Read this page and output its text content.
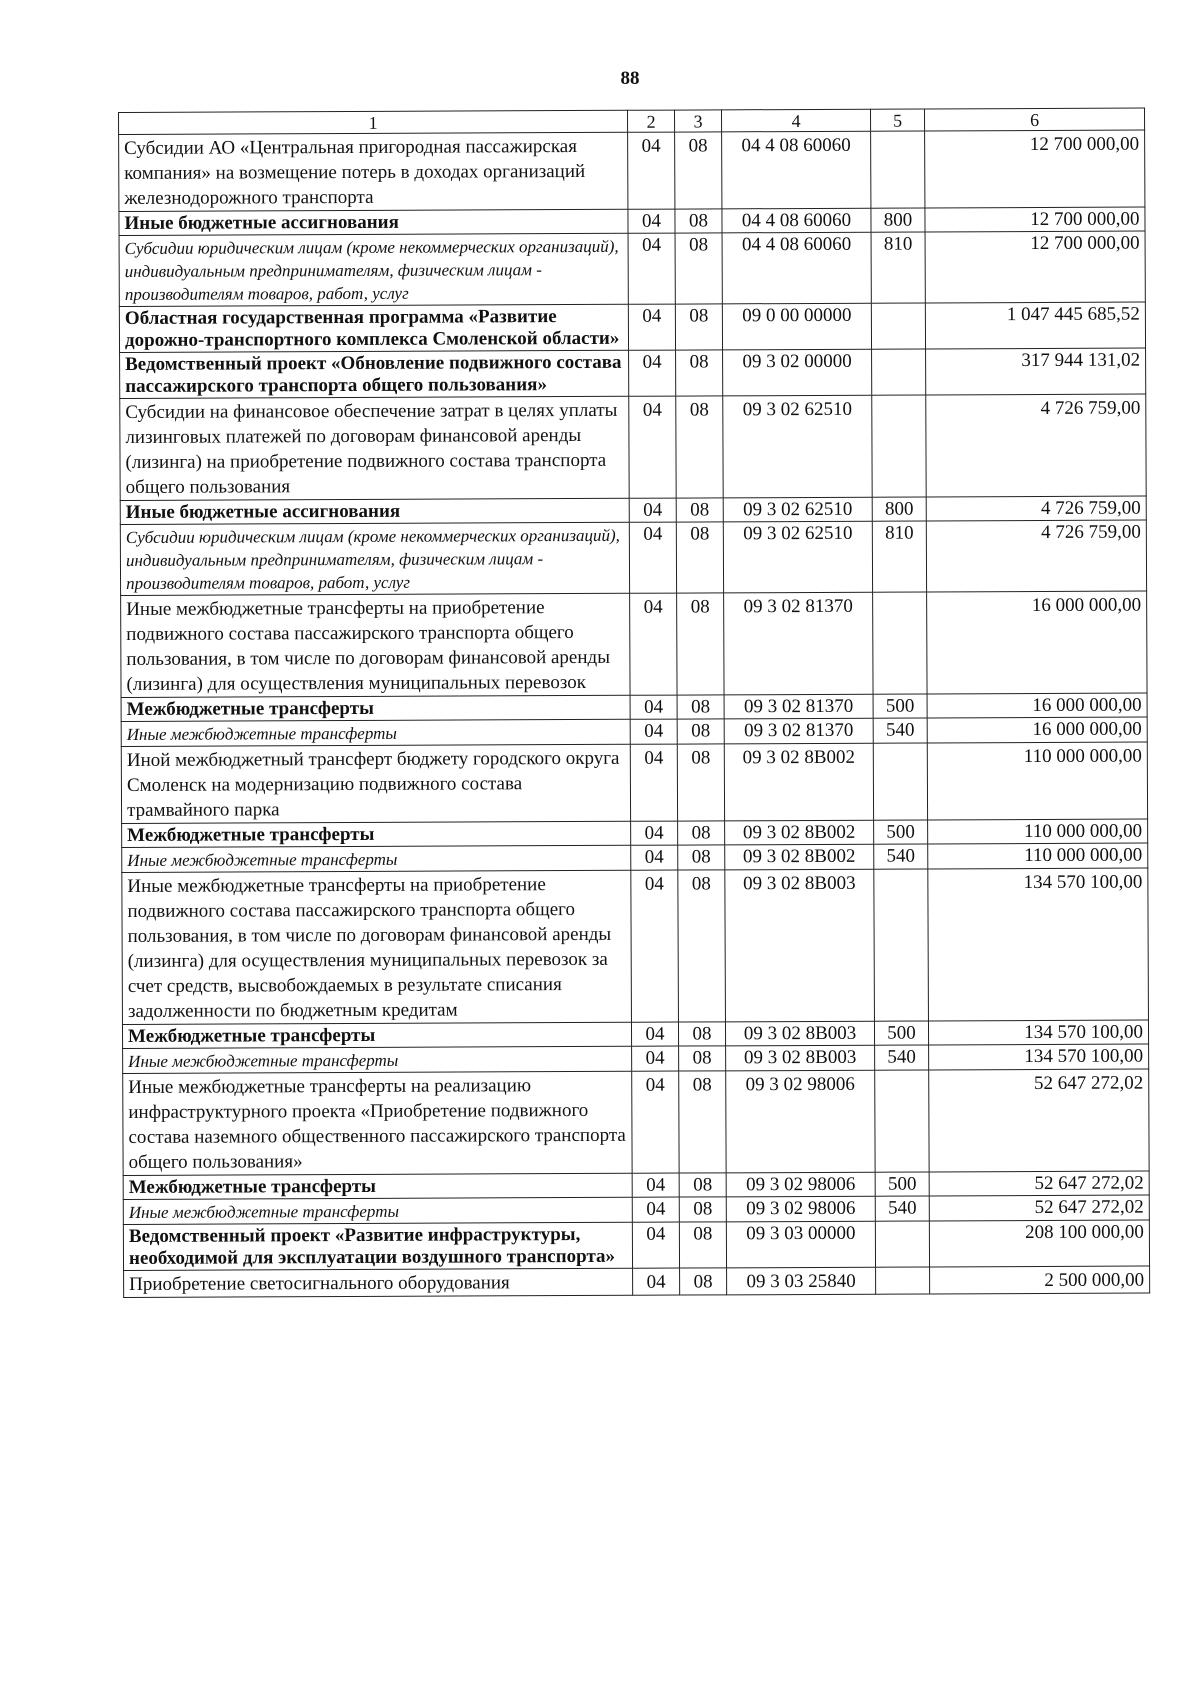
88
1	2	3	4	5	6
Субсидии АО «Центральная пригородная пассажирская компания» на возмещение потерь в доходах организаций железнодорожного транспорта	04	08	04 4 08 60060		12 700 000,00
Иные бюджетные ассигнования	04	08	04 4 08 60060	800	12 700 000,00
Субсидии юридическим лицам (кроме некоммерческих организаций), индивидуальным предпринимателям, физическим лицам - производителям товаров, работ, услуг	04	08	04 4 08 60060	810	12 700 000,00
Областная государственная программа «Развитие дорожно-транспортного комплекса Смоленской области»	04	08	09 0 00 00000		1 047 445 685,52
Ведомственный проект «Обновление подвижного состава пассажирского транспорта общего пользования»	04	08	09 3 02 00000		317 944 131,02
Субсидии на финансовое обеспечение затрат в целях уплаты лизинговых платежей по договорам финансовой аренды (лизинга) на приобретение подвижного состава транспорта общего пользования	04	08	09 3 02 62510		4 726 759,00
Иные бюджетные ассигнования	04	08	09 3 02 62510	800	4 726 759,00
Субсидии юридическим лицам (кроме некоммерческих организаций), индивидуальным предпринимателям, физическим лицам - производителям товаров, работ, услуг	04	08	09 3 02 62510	810	4 726 759,00
Иные межбюджетные трансферты на приобретение подвижного состава пассажирского транспорта общего пользования, в том числе по договорам финансовой аренды (лизинга) для осуществления муниципальных перевозок	04	08	09 3 02 81370		16 000 000,00
Межбюджетные трансферты	04	08	09 3 02 81370	500	16 000 000,00
Иные межбюджетные трансферты	04	08	09 3 02 81370	540	16 000 000,00
Иной межбюджетный трансферт бюджету городского округа Смоленск на модернизацию подвижного состава трамвайного парка	04	08	09 3 02 8В002		110 000 000,00
Межбюджетные трансферты	04	08	09 3 02 8В002	500	110 000 000,00
Иные межбюджетные трансферты	04	08	09 3 02 8В002	540	110 000 000,00
Иные межбюджетные трансферты на приобретение подвижного состава пассажирского транспорта общего пользования, в том числе по договорам финансовой аренды (лизинга) для осуществления муниципальных перевозок за счет средств, высвобождаемых в результате списания задолженности по бюджетным кредитам	04	08	09 3 02 8В003		134 570 100,00
Межбюджетные трансферты	04	08	09 3 02 8В003	500	134 570 100,00
Иные межбюджетные трансферты	04	08	09 3 02 8В003	540	134 570 100,00
Иные межбюджетные трансферты на реализацию инфраструктурного проекта «Приобретение подвижного состава наземного общественного пассажирского транспорта общего пользования»	04	08	09 3 02 98006		52 647 272,02
Межбюджетные трансферты	04	08	09 3 02 98006	500	52 647 272,02
Иные межбюджетные трансферты	04	08	09 3 02 98006	540	52 647 272,02
Ведомственный проект «Развитие инфраструктуры, необходимой для эксплуатации воздушного транспорта»	04	08	09 3 03 00000		208 100 000,00
Приобретение светосигнального оборудования	04	08	09 3 03 25840		2 500 000,00
